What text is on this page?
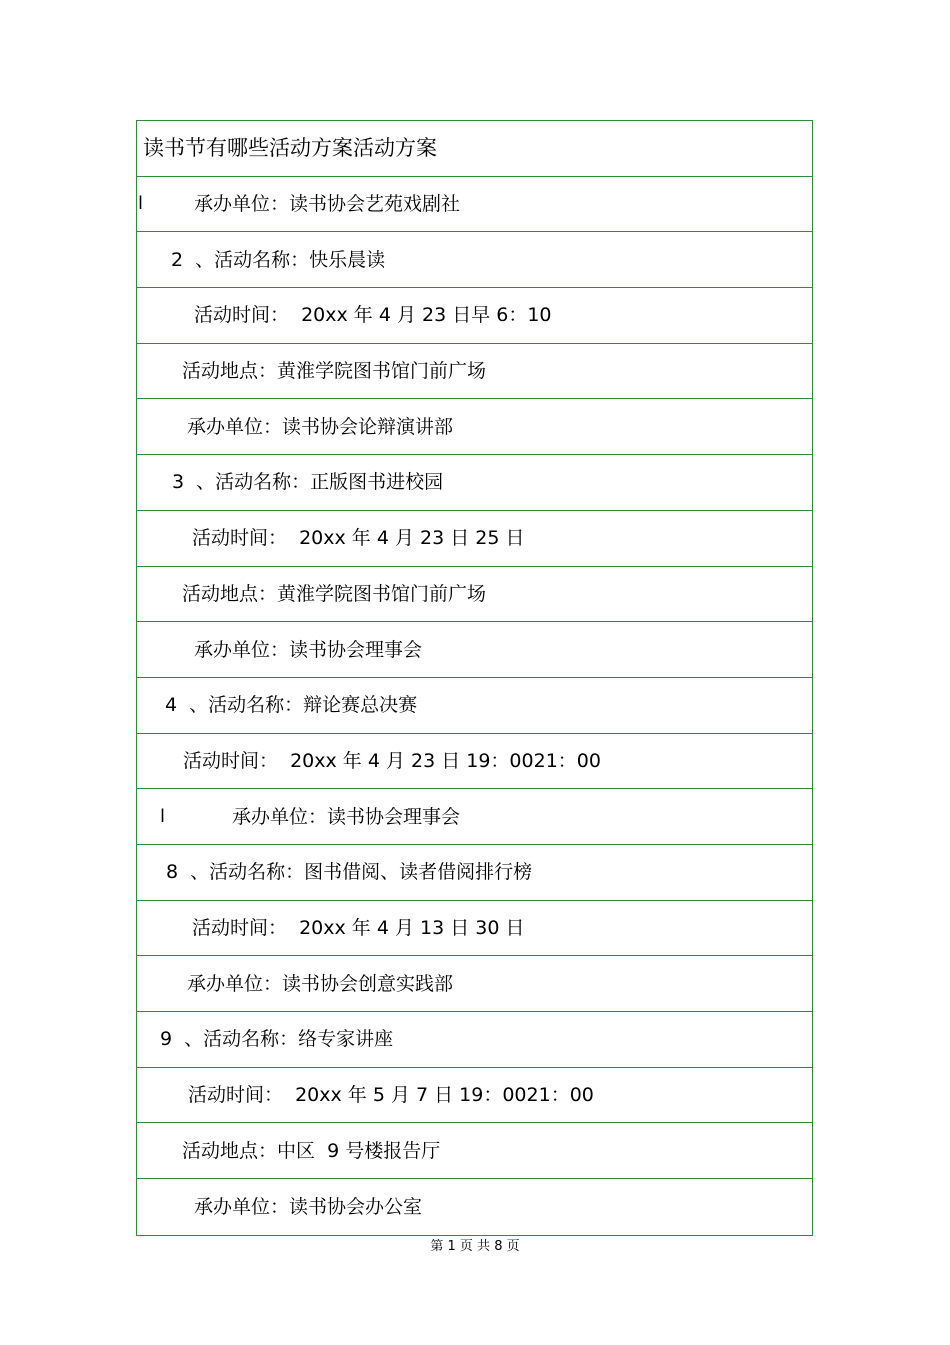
读书节有哪些活动方案活动方案
l	承办单位：读书协会艺苑戏剧社
2  、活动名称：快乐晨读
活动时间：  20xx 年 4 月 23 日早 6：10
活动地点：黄淮学院图书馆门前广场
承办单位：读书协会论辩演讲部
3  、活动名称：正版图书进校园
活动时间：  20xx 年 4 月 23 日 25 日
活动地点：黄淮学院图书馆门前广场
承办单位：读书协会理事会
4  、活动名称：辩论赛总决赛
活动时间：  20xx 年 4 月 23 日 19：0021：00
l	承办单位：读书协会理事会
8  、活动名称：图书借阅、读者借阅排行榜
活动时间：  20xx 年 4 月 13 日 30 日
承办单位：读书协会创意实践部
9  、活动名称：络专家讲座
活动时间：  20xx 年 5 月 7 日 19：0021：00
活动地点：中区  9 号楼报告厅
承办单位：读书协会办公室
第 1 页 共 8 页
